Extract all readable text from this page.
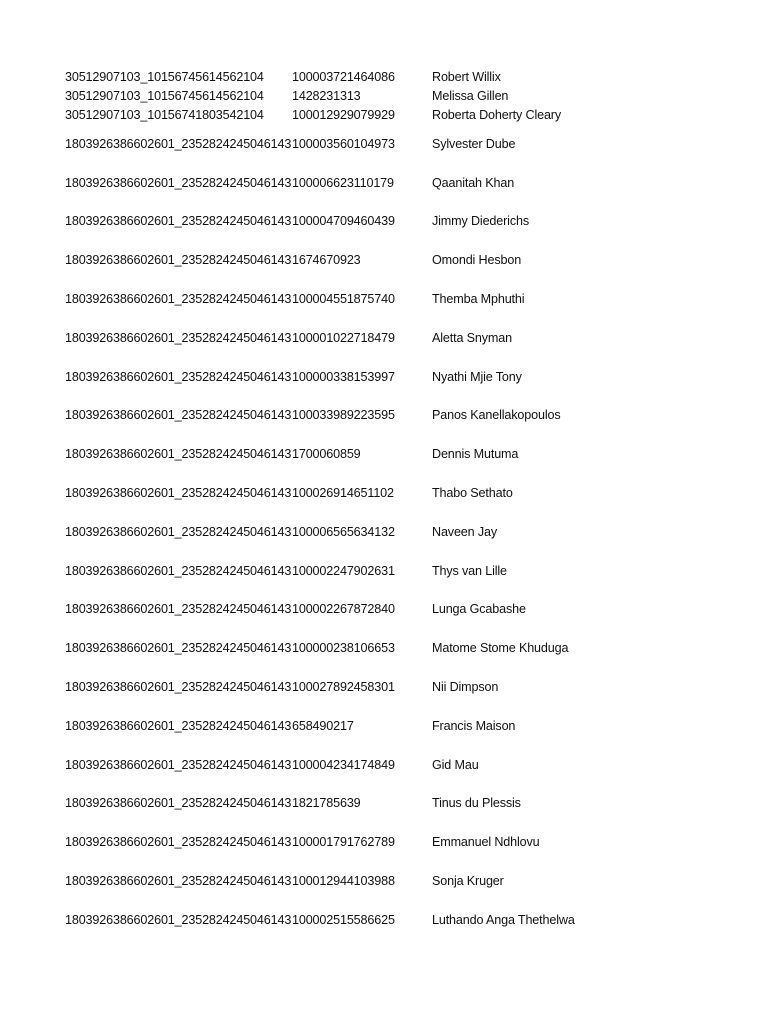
30512907103_10156745614562104	100003721464086	Robert Willix
30512907103_10156745614562104	1428231313	Melissa Gillen
30512907103_10156741803542104	100012929079929	Roberta Doherty Cleary
1803926386602601_2352824245046143 100003560104973	Sylvester Dube
1803926386602601_2352824245046143 100006623110179	Qaanitah Khan
1803926386602601_2352824245046143 100004709460439	Jimmy Diederichs
1803926386602601_2352824245046143 1674670923	Omondi Hesbon
1803926386602601_2352824245046143 100004551875740	Themba Mphuthi
1803926386602601_2352824245046143 100001022718479	Aletta Snyman
1803926386602601_2352824245046143 100000338153997	Nyathi Mjie Tony
1803926386602601_2352824245046143 100033989223595	Panos Kanellakopoulos
1803926386602601_2352824245046143 1700060859	Dennis Mutuma
1803926386602601_2352824245046143 100026914651102	Thabo Sethato
1803926386602601_2352824245046143 100006565634132	Naveen Jay
1803926386602601_2352824245046143 100002247902631	Thys van Lille
1803926386602601_2352824245046143 100002267872840	Lunga Gcabashe
1803926386602601_2352824245046143 100000238106653	Matome Stome Khuduga
1803926386602601_2352824245046143 100027892458301	Nii Dimpson
1803926386602601_2352824245046143 658490217	Francis Maison
1803926386602601_2352824245046143 100004234174849	Gid Mau
1803926386602601_2352824245046143 1821785639	Tinus du Plessis
1803926386602601_2352824245046143 100001791762789	Emmanuel Ndhlovu
1803926386602601_2352824245046143 100012944103988	Sonja Kruger
1803926386602601_2352824245046143 100002515586625	Luthando Anga Thethelwa
